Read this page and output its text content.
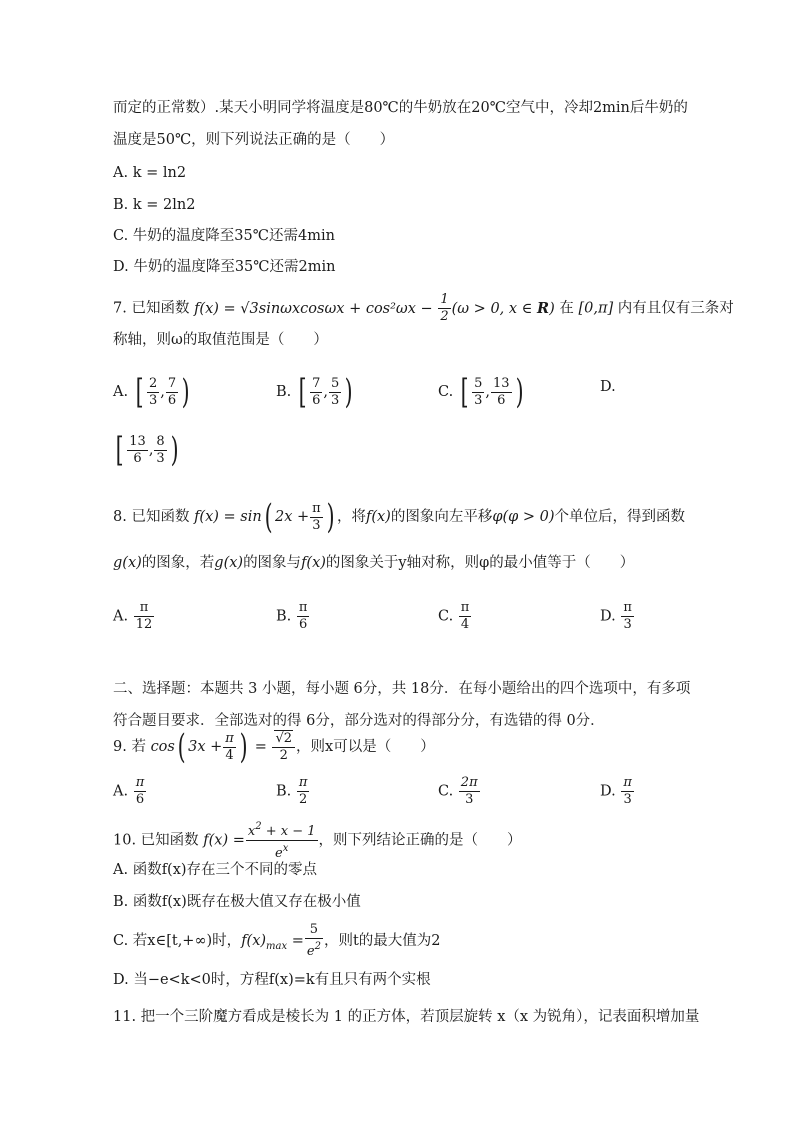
而定的正常数）.某天小明同学将温度是80℃的牛奶放在20℃空气中，冷却2min后牛奶的
温度是50℃，则下列说法正确的是（　　）
A. k = ln2
B. k = 2ln2
C. 牛奶的温度降至35℃还需4min
D. 牛奶的温度降至35℃还需2min
7. 已知函数 $f(x) = √3\sin\omega xcos\omega x + \cos^2\omega x - \frac{1}{2} (\omega > 0$, x ∈ R) 在 [0,π] 内有且仅有三条对
称轴，则ω的取值范围是（　　）
A. [ $\frac{2}{3}$ , $\frac{7}{6}$ )	B. [ $\frac{7}{6}$ , $\frac{5}{3}$ )	C. [ $\frac{5}{3}$ , $\frac{13}{6}$ )	D.
[ $\frac{13}{6}$ , $\frac{8}{3}$ )
8. 已知函数 f(x) = sin( $2x + \frac{\pi}{3}$ ) ，将f(x)的图象向左平移φ(φ > 0)个单位后，得到函数
g(x)的图象，若g(x)的图象与f(x)的图象关于y轴对称，则φ的最小值等于（　　）
A. $\frac{\pi}{12}$	B. $\frac{\pi}{6}$	C. $\frac{\pi}{4}$	D. $\frac{\pi}{3}$
二、选择题：本题共 3 小题，每小题 6分，共 18分．在每小题给出的四个选项中，有多项
符合题目要求．全部选对的得 6分，部分选对的得部分分，有选错的得 0分．
9. 若 cos( $3x + \frac{\pi}{4}$ ) = $\frac{√2}{2}$ ，则x可以是（　　）
A. $\frac{\pi}{6}$	B. $\frac{\pi}{2}$	C. $\frac{2\pi}{3}$	D. $\frac{\pi}{3}$
10. 已知函数 $f(x) = \frac{x^2 + x - 1}{e^x}$ ，则下列结论正确的是（　　）
A. 函数f(x)存在三个不同的零点
B. 函数f(x)既存在极大值又存在极小值
C. 若x∈[t,+∞)时，$f(x)_{max} = \frac{5}{e^2}$ ，则t的最大值为2
D. 当−e<k<0时，方程f(x)=k有且只有两个实根
11. 把一个三阶魔方看成是棱长为 1 的正方体，若顶层旋转 x（x 为锐角），记表面积增加量
